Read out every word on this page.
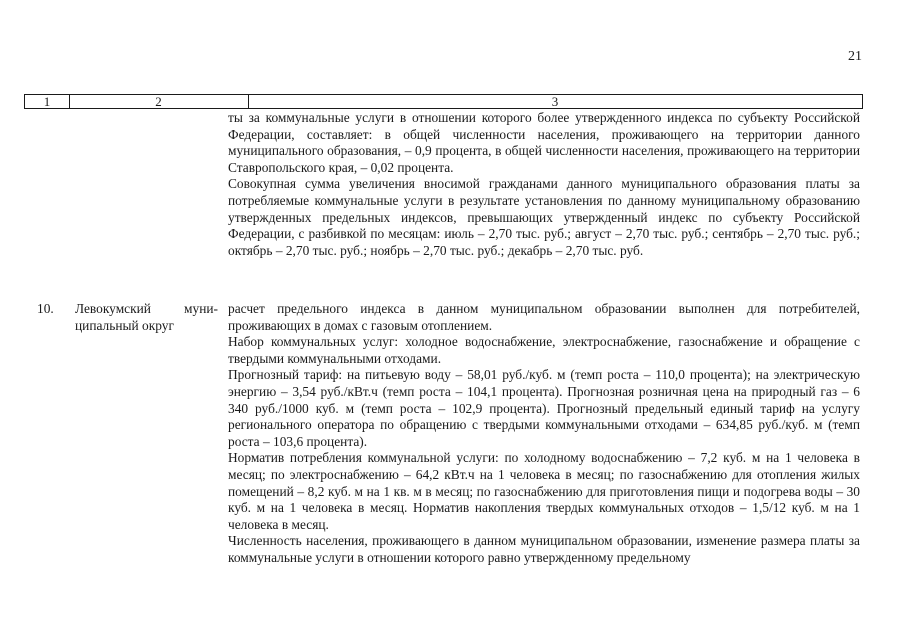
21
1	2	3

ты за коммунальные услуги в отношении которого более утвержденного индекса по субъекту Российской Федерации, составляет: в общей численности населения, проживающего на территории данного муниципального образования, – 0,9 процента, в общей численности населения, проживающего на территории Ставропольского края, – 0,02 процента.

Совокупная сумма увеличения вносимой гражданами данного муниципального образования платы за потребляемые коммунальные услуги в результате установления по данному муниципальному образованию утвержденных предельных индексов, превышающих утвержденный индекс по субъекту Российской Федерации, с разбивкой по месяцам: июль – 2,70 тыс. руб.; август – 2,70 тыс. руб.; сентябрь – 2,70 тыс. руб.; октябрь – 2,70 тыс. руб.; ноябрь – 2,70 тыс. руб.; декабрь – 2,70 тыс. руб.

10. Левокумский муни-
ципальный округ

расчет предельного индекса в данном муниципальном образовании выполнен для потребителей, проживающих в домах с газовым отоплением.

Набор коммунальных услуг: холодное водоснабжение, электроснабжение, газоснабжение и обращение с твердыми коммунальными отходами.

Прогнозный тариф: на питьевую воду – 58,01 руб./куб. м (темп роста – 110,0 процента); на электрическую энергию – 3,54 руб./кВт.ч (темп роста – 104,1 процента). Прогнозная розничная цена на природный газ – 6 340 руб./1000 куб. м (темп роста – 102,9 процента). Прогнозный предельный единый тариф на услугу регионального оператора по обращению с твердыми коммунальными отходами – 634,85 руб./куб. м (темп роста – 103,6 процента).

Норматив потребления коммунальной услуги: по холодному водоснабжению – 7,2 куб. м на 1 человека в месяц; по электроснабжению – 64,2 кВт.ч на 1 человека в месяц; по газоснабжению для отопления жилых помещений – 8,2 куб. м на 1 кв. м в месяц; по газоснабжению для приготовления пищи и подогрева воды – 30 куб. м на 1 человека в месяц. Норматив накопления твердых коммунальных отходов – 1,5/12 куб. м на 1 человека в месяц.

Численность населения, проживающего в данном муниципальном образовании, изменение размера платы за коммунальные услуги в отношении которого равно утвержденному предельному
